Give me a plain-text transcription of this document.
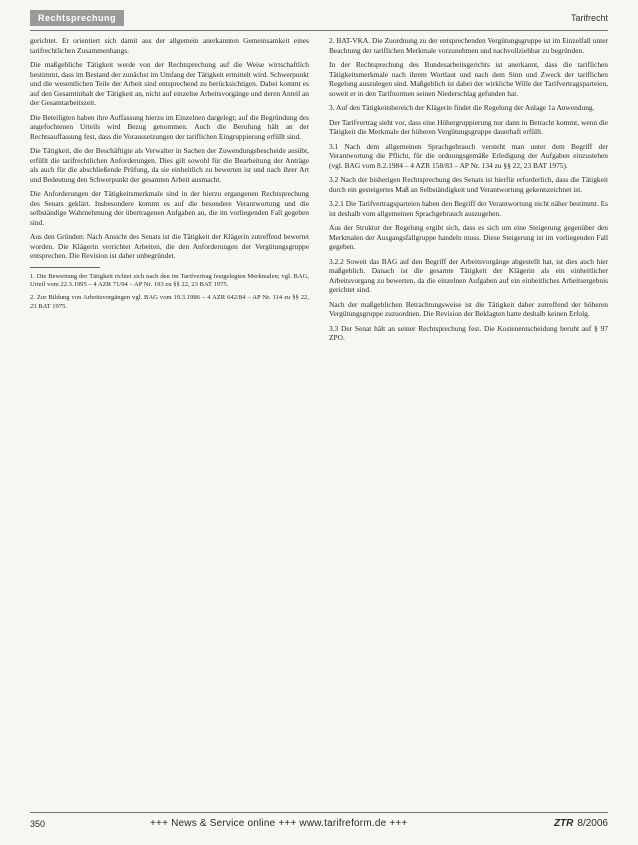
Rechtsprechung	Tarifrecht

gerichtet. Er orientiert sich damit aus der allgemein anerkannten Gemeinsamkeit eines tarifrechtlichen Zusammenhangs.

Die maßgebliche Tätigkeit werde von der Rechtsprechung auf die Weise wirtschaftlich bestimmt, dass im Bestand der zunächst im Umfang der Tätigkeit ermittelt wird. Schwerpunkt und die wesentlichen Teile der Arbeit sind entsprechend zu berücksichtigen. Dabei kommt es auf den Gesamtinhalt der Tätigkeit an, nicht auf einzelne Arbeitsvorgänge und deren Anteil an der Gesamtarbeitszeit.

Die Beteiligten haben ihre Auffassung hierzu im Einzelnen dargelegt; auf die Begründung des angefochtenen Urteils wird Bezug genommen. Auch die Berufung hält an der Rechtsauffassung fest, dass die Voraussetzungen der tariflichen Eingruppierung erfüllt sind.

Die Tätigkeit, die der Beschäftigte als Verwalter in Sachen der Zuwendungsbescheide ausübt, erfüllt die tarifrechtlichen Anforderungen. Dies gilt sowohl für die Bearbeitung der Anträge als auch für die abschließende Prüfung, da sie einheitlich zu bewerten ist und nach ihrer Art und Bedeutung den Schwerpunkt der gesamten Arbeit ausmacht.

Die Anforderungen der Tätigkeitsmerkmale sind in der hierzu ergangenen Rechtsprechung des Senats geklärt. Insbesondere kommt es auf die besondere Verantwortung und die selbständige Wahrnehmung der übertragenen Aufgaben an, die im vorliegenden Fall gegeben sind.

Aus den Gründen: Nach Ansicht des Senats ist die Tätigkeit der Klägerin zutreffend bewertet worden. Die Klägerin verrichtet Arbeiten, die den Anforderungen der Vergütungsgruppe entsprechen. Die Revision ist daher unbegründet.

1. Die Bewertung der Tätigkeit richtet sich nach den im Tarifvertrag festgelegten Merkmalen; vgl. BAG, Urteil vom 22.3.1995 – 4 AZR 71/94 – AP Nr. 193 zu §§ 22, 23 BAT 1975.

2. Zur Bildung von Arbeitsvorgängen vgl. BAG vom 19.3.1986 – 4 AZR 642/84 – AP Nr. 114 zu §§ 22, 23 BAT 1975.

2. BAT-VKA. Die Zuordnung zu der entsprechenden Vergütungsgruppe ist im Einzelfall unter Beachtung der tariflichen Merkmale vorzunehmen und nachvollziehbar zu begründen.

In der Rechtsprechung des Bundesarbeitsgerichts ist anerkannt, dass die tariflichen Tätigkeitsmerkmale nach ihrem Wortlaut und nach dem Sinn und Zweck der tariflichen Regelung auszulegen sind. Maßgeblich ist dabei der wirkliche Wille der Tarifvertragsparteien, soweit er in den Tarifnormen seinen Niederschlag gefunden hat.

3. Auf den Tätigkeitsbereich der Klägerin findet die Regelung der Anlage 1a Anwendung.

Der Tarifvertrag sieht vor, dass eine Höhergruppierung nur dann in Betracht kommt, wenn die Tätigkeit die Merkmale der höheren Vergütungsgruppe dauerhaft erfüllt.

3.1 Nach dem allgemeinen Sprachgebrauch versteht man unter dem Begriff der Verantwortung die Pflicht, für die ordnungsgemäße Erledigung der Aufgaben einzustehen (vgl. BAG vom 8.2.1984 – 4 AZR 158/83 – AP Nr. 134 zu §§ 22, 23 BAT 1975).

3.2 Nach der bisherigen Rechtsprechung des Senats ist hierfür erforderlich, dass die Tätigkeit durch ein gesteigertes Maß an Selbständigkeit und Verantwortung gekennzeichnet ist.

3.2.1 Die Tarifvertragsparteien haben den Begriff der Verantwortung nicht näher bestimmt. Es ist deshalb vom allgemeinen Sprachgebrauch auszugehen.

Aus der Struktur der Regelung ergibt sich, dass es sich um eine Steigerung gegenüber den Merkmalen der Ausgangsfallgruppe handeln muss. Diese Steigerung ist im vorliegenden Fall gegeben.

3.2.2 Soweit das BAG auf den Begriff der Arbeitsvorgänge abgestellt hat, ist dies auch hier maßgeblich. Danach ist die gesamte Tätigkeit der Klägerin als ein einheitlicher Arbeitsvorgang zu bewerten, da die einzelnen Aufgaben auf ein einheitliches Arbeitsergebnis gerichtet sind.

Nach der maßgeblichen Betrachtungsweise ist die Tätigkeit daher zutreffend der höheren Vergütungsgruppe zuzuordnen. Die Revision der Beklagten hatte deshalb keinen Erfolg.

3.3 Der Senat hält an seiner Rechtsprechung fest. Die Kostenentscheidung beruht auf § 97 ZPO.

350	+++ News & Service online +++ www.tarifreform.de +++	ZTR 8/2006
